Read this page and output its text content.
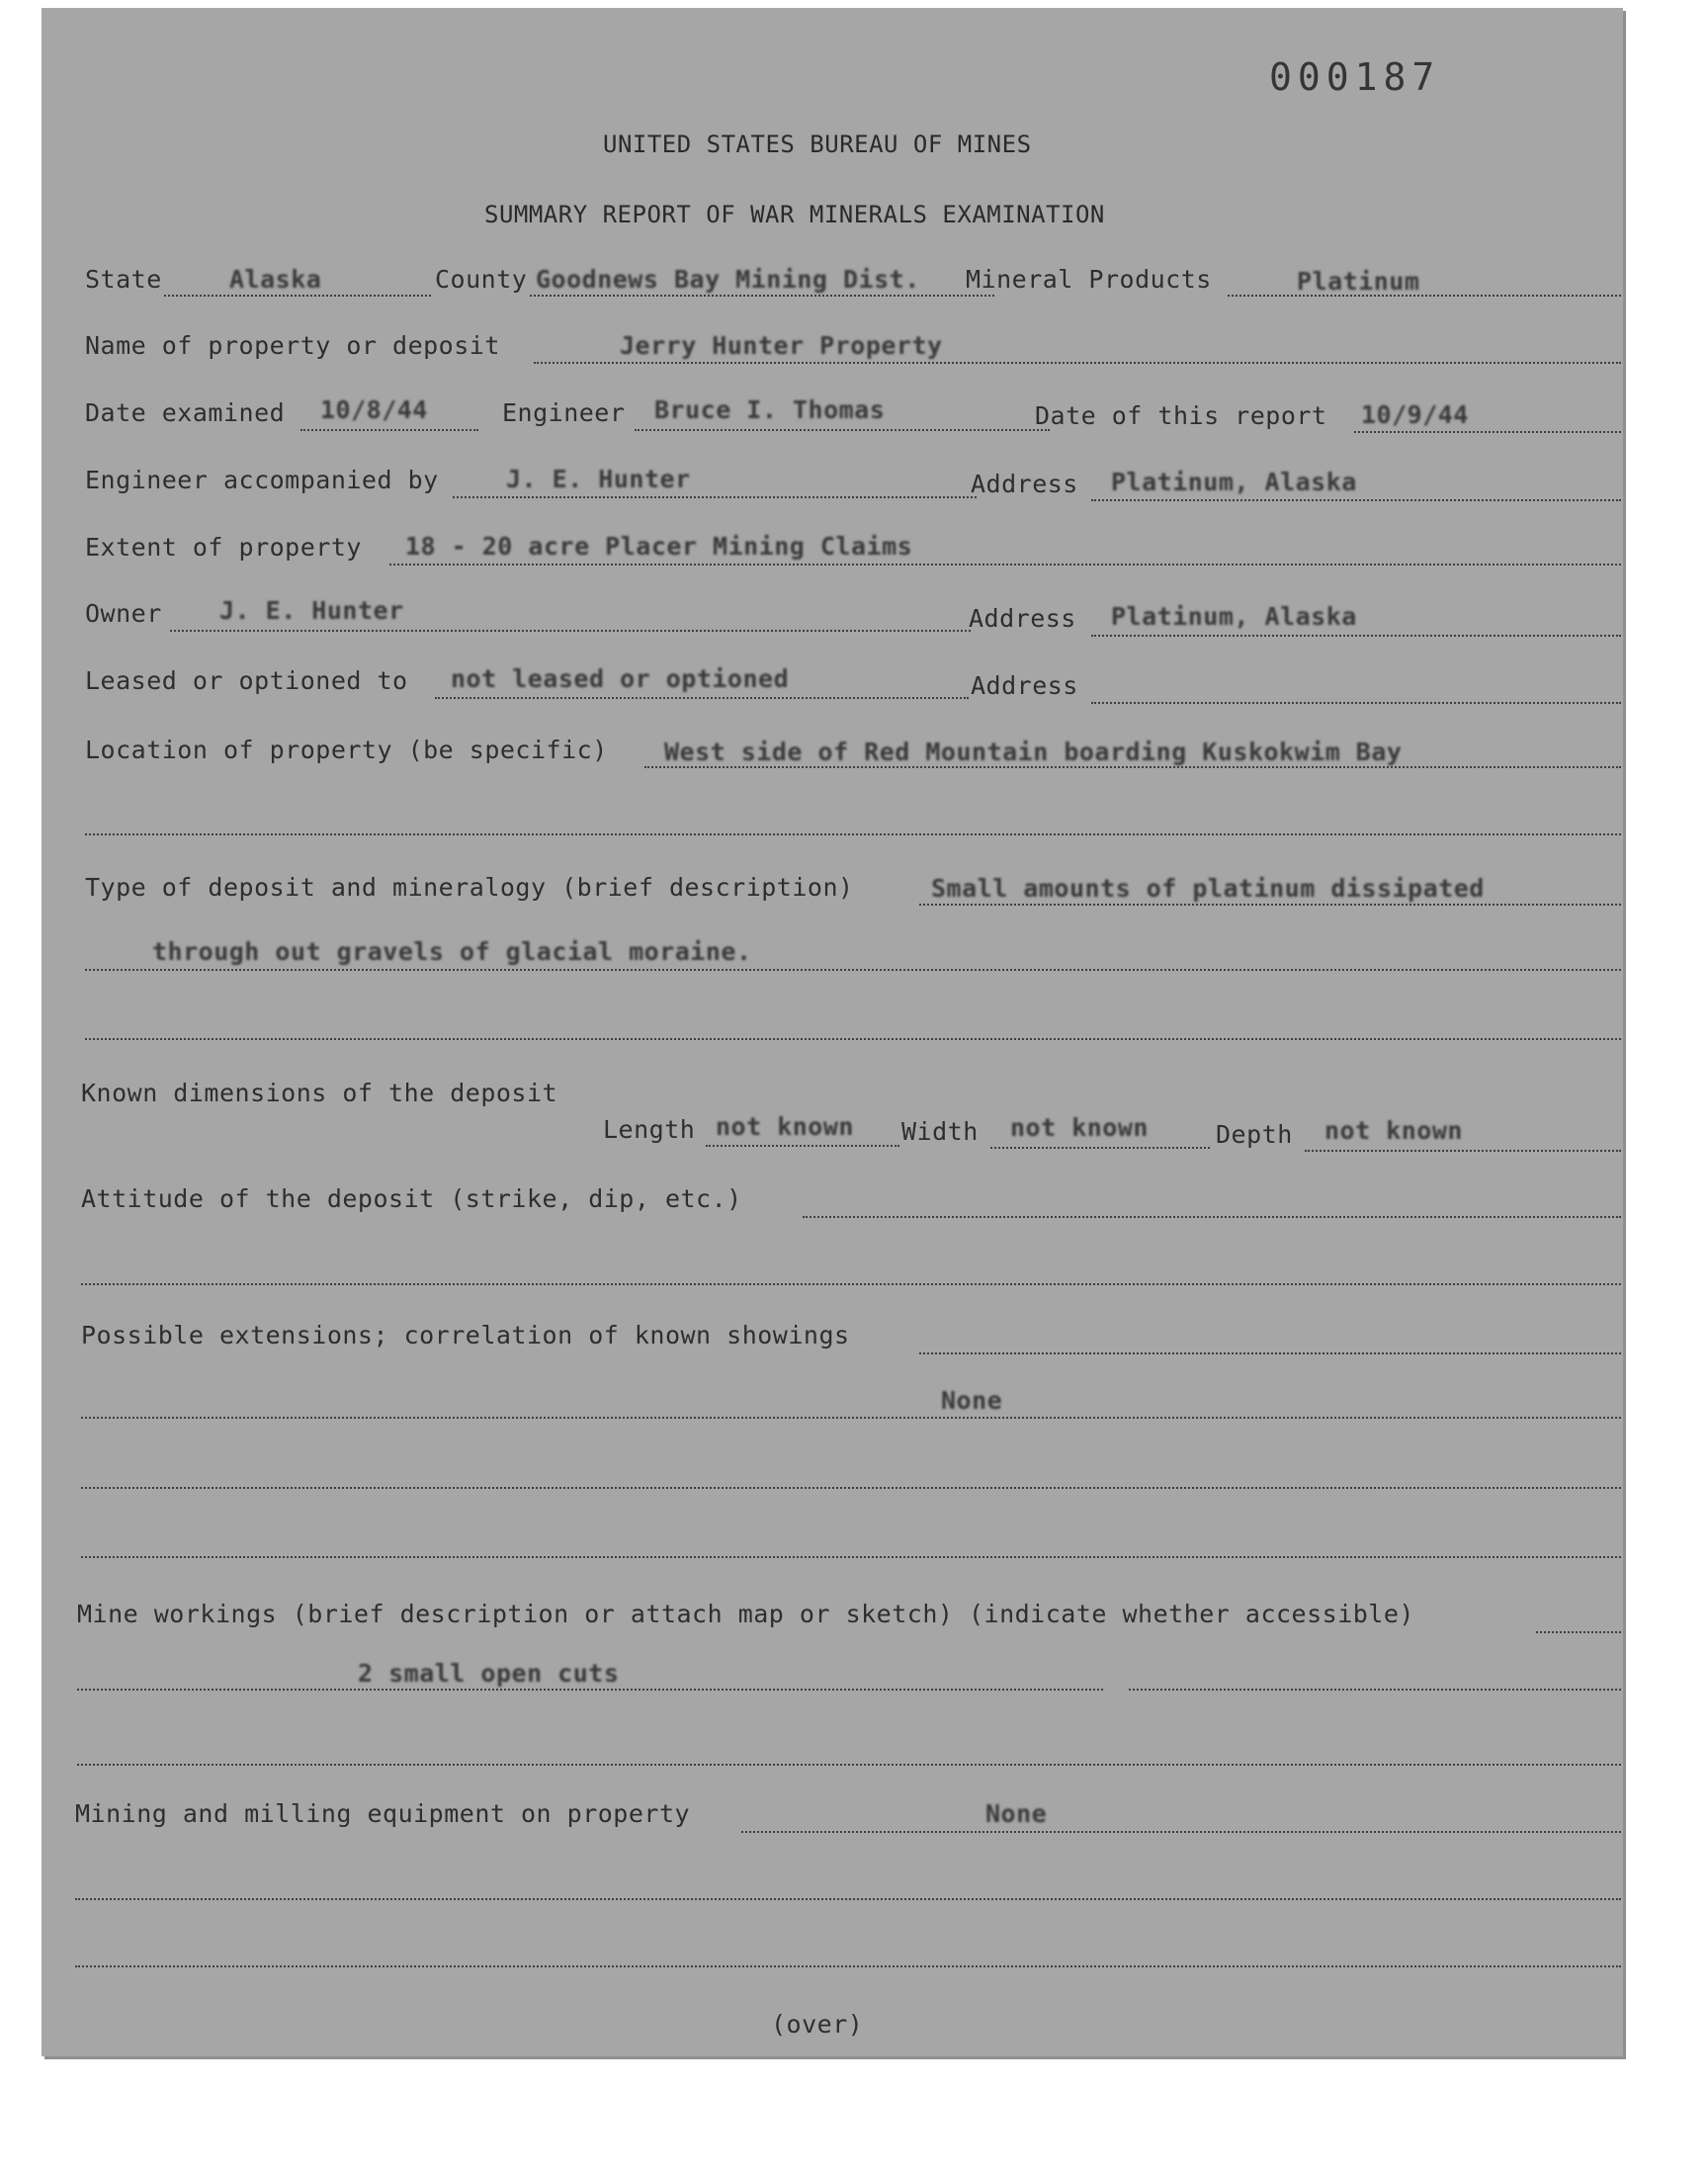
000187
UNITED STATES BUREAU OF MINES
SUMMARY REPORT OF WAR MINERALS EXAMINATION
State	Alaska	County Goodnews Bay Mining Dist. Mineral Products	Platinum
Name of property or deposit	Jerry Hunter Property
Date examined 10/8/44	Engineer Bruce I. Thomas	Date of this report 10/9/44
Engineer accompanied by	J. E. Hunter	Address Platinum, Alaska
Extent of property 18 - 20 acre Placer Mining Claims
Owner J. E. Hunter	Address Platinum, Alaska
Leased or optioned to not leased or optioned	Address
Location of property (be specific) West side of Red Mountain boarding Kuskokwim Bay
Type of deposit and mineralogy (brief description)	Small amounts of platinum dissipated
through out gravels of glacial moraine.
Known dimensions of the deposit
Length not known Width not known	Depth not known
Attitude of the deposit (strike, dip, etc.)
Possible extensions; correlation of known showings
None
Mine workings (brief description or attach map or sketch) (indicate whether accessible)
2 small open cuts
Mining and milling equipment on property	None
(over)
